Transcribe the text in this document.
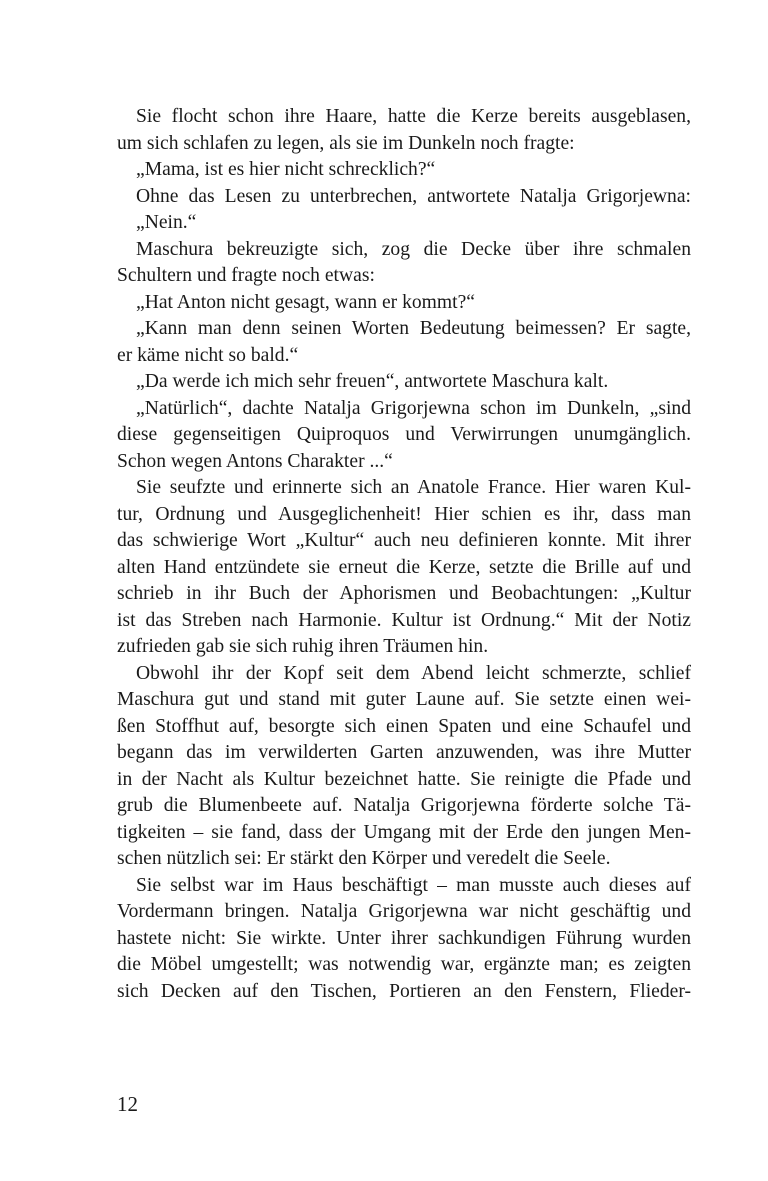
Sie flocht schon ihre Haare, hatte die Kerze bereits ausgeblasen,
um sich schlafen zu legen, als sie im Dunkeln noch fragte:
„Mama, ist es hier nicht schrecklich?“
Ohne das Lesen zu unterbrechen, antwortete Natalja Grigorjewna:
„Nein.“
Maschura bekreuzigte sich, zog die Decke über ihre schmalen
Schultern und fragte noch etwas:
„Hat Anton nicht gesagt, wann er kommt?“
„Kann man denn seinen Worten Bedeutung beimessen? Er sagte,
er käme nicht so bald.“
„Da werde ich mich sehr freuen“, antwortete Maschura kalt.
„Natürlich“, dachte Natalja Grigorjewna schon im Dunkeln, „sind
diese gegenseitigen Quiproquos und Verwirrungen unumgänglich.
Schon wegen Antons Charakter ...“
Sie seufzte und erinnerte sich an Anatole France. Hier waren Kul-
tur, Ordnung und Ausgeglichenheit! Hier schien es ihr, dass man
das schwierige Wort „Kultur“ auch neu definieren konnte. Mit ihrer
alten Hand entzündete sie erneut die Kerze, setzte die Brille auf und
schrieb in ihr Buch der Aphorismen und Beobachtungen: „Kultur
ist das Streben nach Harmonie. Kultur ist Ordnung.“ Mit der Notiz
zufrieden gab sie sich ruhig ihren Träumen hin.
Obwohl ihr der Kopf seit dem Abend leicht schmerzte, schlief
Maschura gut und stand mit guter Laune auf. Sie setzte einen wei-
ßen Stoffhut auf, besorgte sich einen Spaten und eine Schaufel und
begann das im verwilderten Garten anzuwenden, was ihre Mutter
in der Nacht als Kultur bezeichnet hatte. Sie reinigte die Pfade und
grub die Blumenbeete auf. Natalja Grigorjewna förderte solche Tä-
tigkeiten – sie fand, dass der Umgang mit der Erde den jungen Men-
schen nützlich sei: Er stärkt den Körper und veredelt die Seele.
Sie selbst war im Haus beschäftigt – man musste auch dieses auf
Vordermann bringen. Natalja Grigorjewna war nicht geschäftig und
hastete nicht: Sie wirkte. Unter ihrer sachkundigen Führung wurden
die Möbel umgestellt; was notwendig war, ergänzte man; es zeigten
sich Decken auf den Tischen, Portieren an den Fenstern, Flieder-
12
